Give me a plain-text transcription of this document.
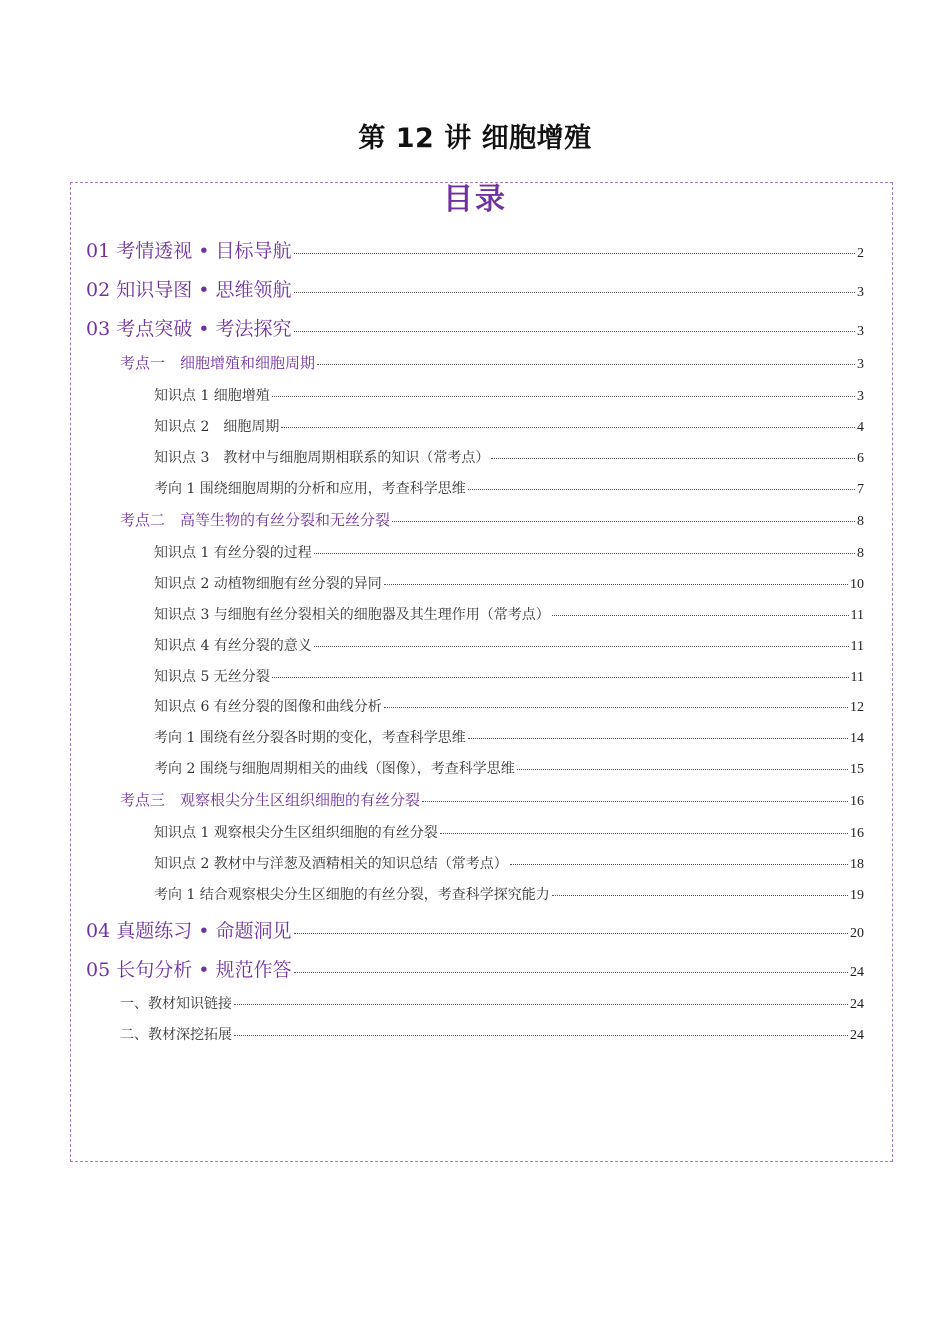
第 12 讲 细胞增殖
目录
01 考情透视 • 目标导航	2
02 知识导图 • 思维领航	3
03 考点突破 • 考法探究	3
考点一　细胞增殖和细胞周期	3
知识点 1 细胞增殖	3
知识点 2　细胞周期	4
知识点 3　教材中与细胞周期相联系的知识（常考点）	6
考向 1 围绕细胞周期的分析和应用，考查科学思维	7
考点二　高等生物的有丝分裂和无丝分裂	8
知识点 1 有丝分裂的过程	8
知识点 2 动植物细胞有丝分裂的异同	10
知识点 3 与细胞有丝分裂相关的细胞器及其生理作用（常考点）	11
知识点 4 有丝分裂的意义	11
知识点 5 无丝分裂	11
知识点 6 有丝分裂的图像和曲线分析	12
考向 1 围绕有丝分裂各时期的变化，考查科学思维	14
考向 2 围绕与细胞周期相关的曲线（图像），考查科学思维	15
考点三　观察根尖分生区组织细胞的有丝分裂	16
知识点 1 观察根尖分生区组织细胞的有丝分裂	16
知识点 2 教材中与洋葱及酒精相关的知识总结（常考点）	18
考向 1 结合观察根尖分生区细胞的有丝分裂，考查科学探究能力	19
04 真题练习 • 命题洞见	20
05 长句分析 • 规范作答	24
一、教材知识链接	24
二、教材深挖拓展	24
